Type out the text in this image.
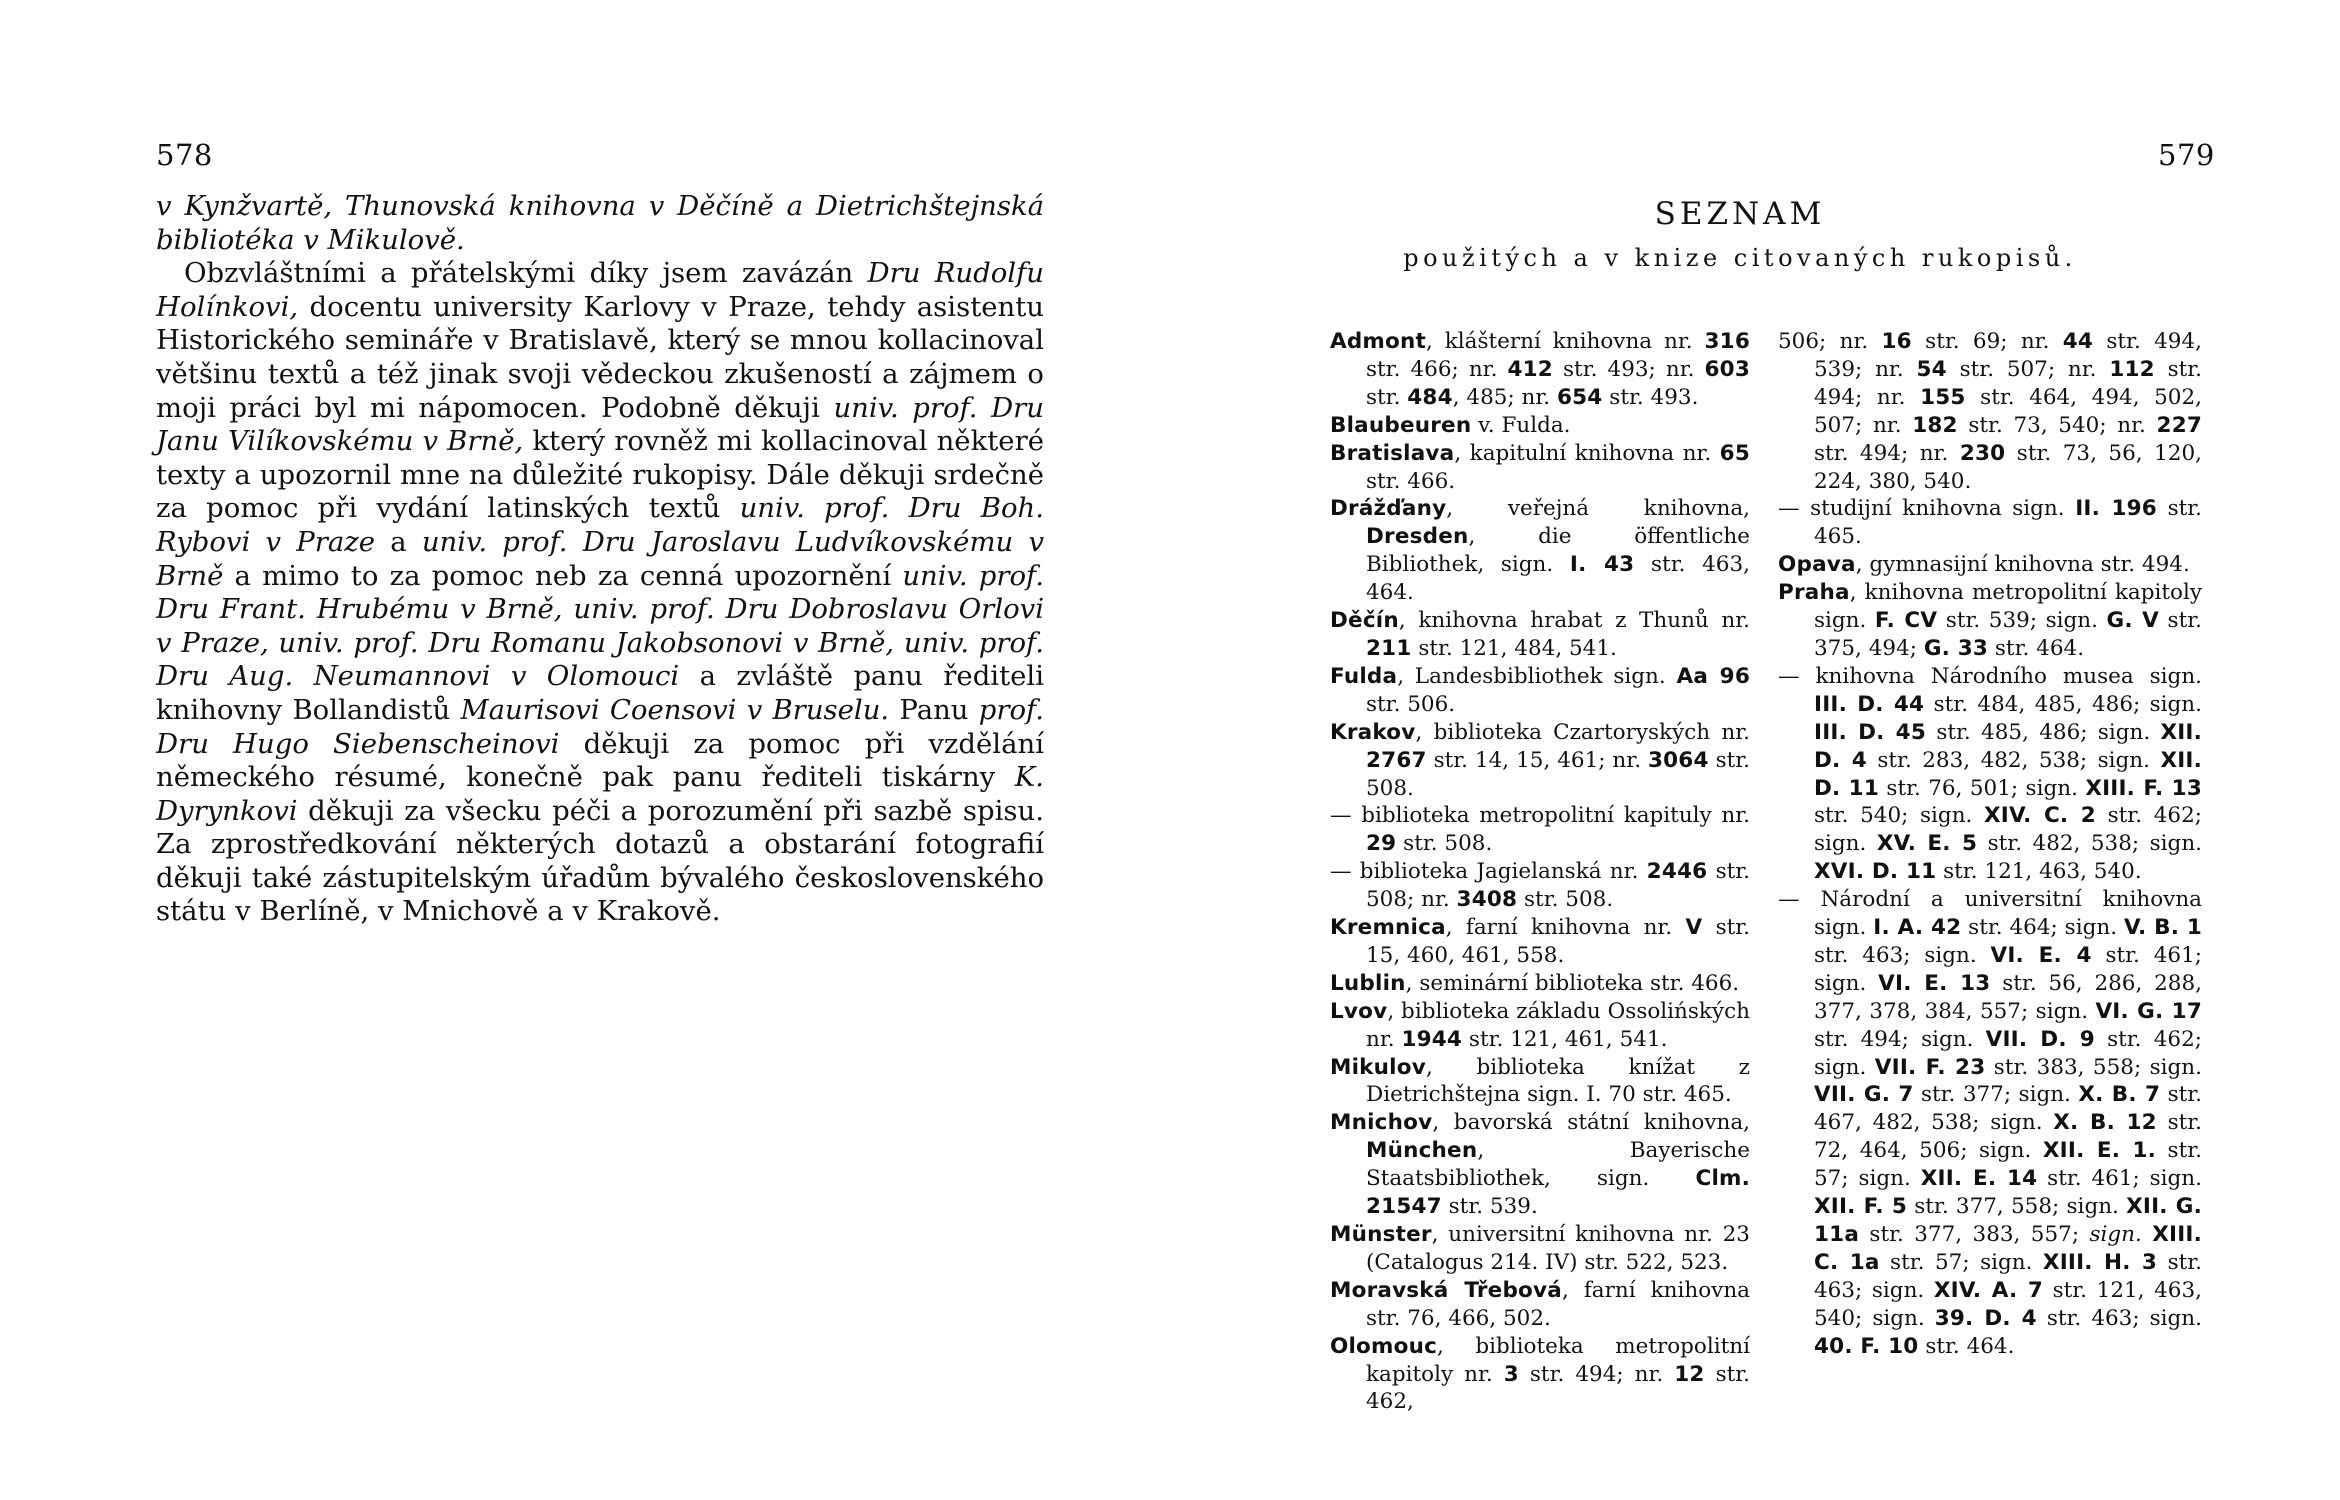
578	579

v Kynžvartě, Thunovská knihovna v Děčíně a Dietrichštejnská bibliotéka v Mikulově.

Obzvláštními a přátelskými díky jsem zavázán Dru Rudolfu Holínkovi, docentu university Karlovy v Praze, tehdy asistentu Historického semináře v Bratislavě, který se mnou kollacinoval většinu textů a též jinak svoji vědeckou zkušeností a zájmem o moji práci byl mi nápomocen. Podobně děkuji univ. prof. Dru Janu Vilíkovskému v Brně, který rovněž mi kollacinoval některé texty a upozornil mne na důležité rukopisy. Dále děkuji srdečně za pomoc při vydání latinských textů univ. prof. Dru Boh. Rybovi v Praze a univ. prof. Dru Jaroslavu Ludvíkovskému v Brně a mimo to za pomoc neb za cenná upozornění univ. prof. Dru Frant. Hrubému v Brně, univ. prof. Dru Dobroslavu Orlovi v Praze, univ. prof. Dru Romanu Jakobsonovi v Brně, univ. prof. Dru Aug. Neumannovi v Olomouci a zvláště panu řediteli knihovny Bollandistů Maurisovi Coensovi v Bruselu. Panu prof. Dru Hugo Siebenscheinovi děkuji za pomoc při vzdělání německého résumé, konečně pak panu řediteli tiskárny K. Dyrynkovi děkuji za všecku péči a porozumění při sazbě spisu. Za zprostředkování některých dotazů a obstarání fotografií děkuji také zástupitelským úřadům bývalého československého státu v Berlíně, v Mnichově a v Krakově.

SEZNAM
použitých a v knize citovaných rukopisů.
Admont, klášterní knihovna nr. 316 str. 466; nr. 412 str. 493; nr. 603 str. 484, 485; nr. 654 str. 493.
Blaubeuren v. Fulda.
Bratislava, kapitulní knihovna nr. 65 str. 466.
Drážďany, veřejná knihovna, Dresden, die öffentliche Bibliothek, sign. I. 43 str. 463, 464.
Děčín, knihovna hrabat z Thunů nr. 211 str. 121, 484, 541.
Fulda, Landesbibliothek sign. Aa 96 str. 506.
Krakov, biblioteka Czartoryských nr. 2767 str. 14, 15, 461; nr. 3064 str. 508.
— biblioteka metropolitní kapituly nr. 29 str. 508.
— biblioteka Jagielanská nr. 2446 str. 508; nr. 3408 str. 508.
Kremnica, farní knihovna nr. V str. 15, 460, 461, 558.
Lublin, seminární biblioteka str. 466.
Lvov, biblioteka základu Ossolińských nr. 1944 str. 121, 461, 541.
Mikulov, biblioteka knížat z Dietrichštejna sign. I. 70 str. 465.
Mnichov, bavorská státní knihovna, München, Bayerische Staatsbibliothek, sign. Clm. 21547 str. 539.
Münster, universitní knihovna nr. 23 (Catalogus 214. IV) str. 522, 523.
Moravská Třebová, farní knihovna str. 76, 466, 502.
Olomouc, biblioteka metropolitní kapitoly nr. 3 str. 494; nr. 12 str. 462,
506; nr. 16 str. 69; nr. 44 str. 494, 539; nr. 54 str. 507; nr. 112 str. 494; nr. 155 str. 464, 494, 502, 507; nr. 182 str. 73, 540; nr. 227 str. 494; nr. 230 str. 73, 56, 120, 224, 380, 540.
— studijní knihovna sign. II. 196 str. 465.
Opava, gymnasijní knihovna str. 494.
Praha, knihovna metropolitní kapitoly sign. F. CV str. 539; sign. G. V str. 375, 494; G. 33 str. 464.
— knihovna Národního musea sign. III. D. 44 str. 484, 485, 486; sign. III. D. 45 str. 485, 486; sign. XII. D. 4 str. 283, 482, 538; sign. XII. D. 11 str. 76, 501; sign. XIII. F. 13 str. 540; sign. XIV. C. 2 str. 462; sign. XV. E. 5 str. 482, 538; sign. XVI. D. 11 str. 121, 463, 540.
— Národní a universitní knihovna sign. I. A. 42 str. 464; sign. V. B. 1 str. 463; sign. VI. E. 4 str. 461; sign. VI. E. 13 str. 56, 286, 288, 377, 378, 384, 557; sign. VI. G. 17 str. 494; sign. VII. D. 9 str. 462; sign. VII. F. 23 str. 383, 558; sign. VII. G. 7 str. 377; sign. X. B. 7 str. 467, 482, 538; sign. X. B. 12 str. 72, 464, 506; sign. XII. E. 1. str. 57; sign. XII. E. 14 str. 461; sign. XII. F. 5 str. 377, 558; sign. XII. G. 11a str. 377, 383, 557; sign. XIII. C. 1a str. 57; sign. XIII. H. 3 str. 463; sign. XIV. A. 7 str. 121, 463, 540; sign. 39. D. 4 str. 463; sign. 40. F. 10 str. 464.
